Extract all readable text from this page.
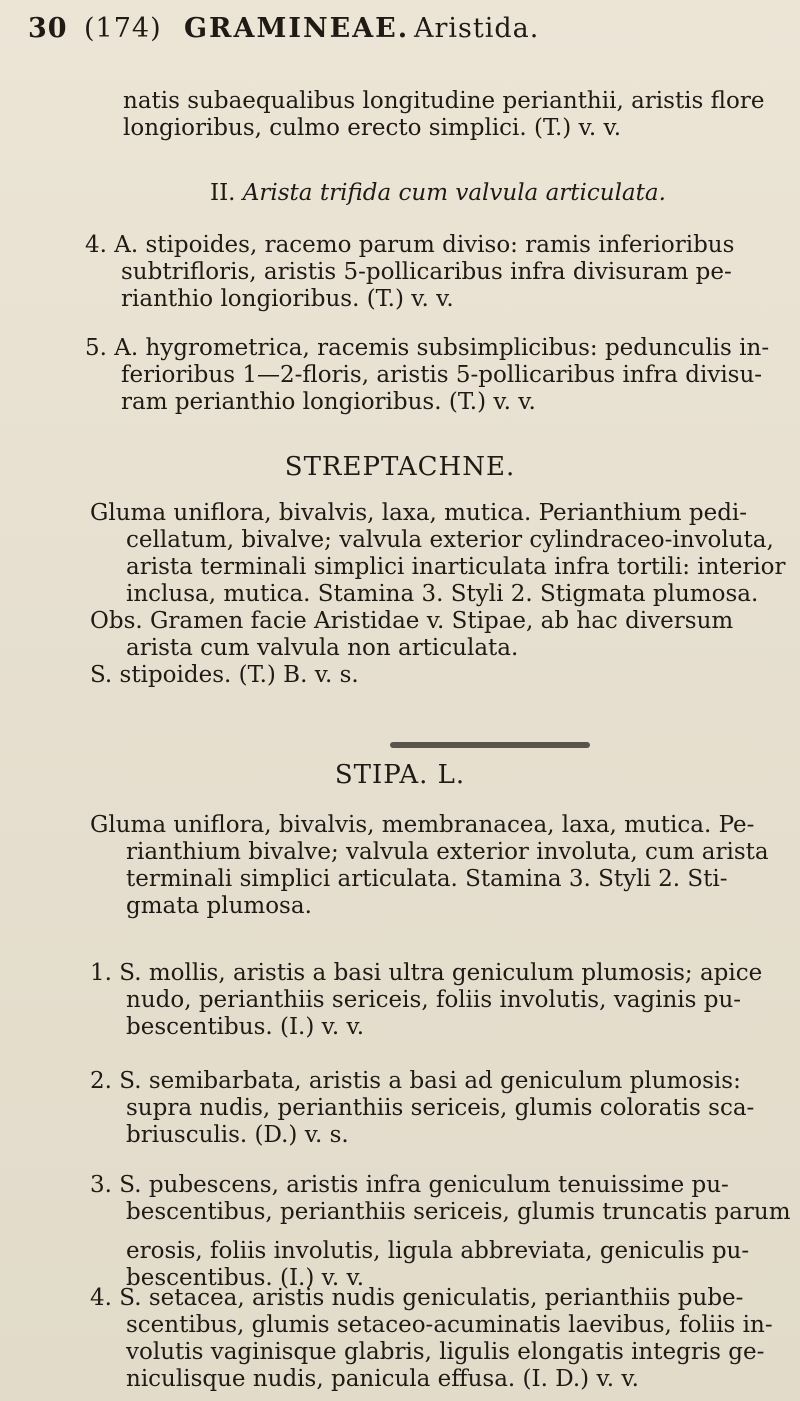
30 (174) GRAMINEAE. Aristida.
natis subaequalibus longitudine perianthii, aristis flore
longioribus, culmo erecto simplici. (T.) v. v.
II. Arista trifida cum valvula articulata.
4. A. stipoides, racemo parum diviso: ramis inferioribus
subtrifloris, aristis 5-pollicaribus infra divisuram pe-
rianthio longioribus. (T.) v. v.
5. A. hygrometrica, racemis subsimplicibus: pedunculis in-
ferioribus 1—2-floris, aristis 5-pollicaribus infra divisu-
ram perianthio longioribus. (T.) v. v.
STREPTACHNE.
Gluma uniflora, bivalvis, laxa, mutica. Perianthium pedi-
cellatum, bivalve; valvula exterior cylindraceo-involuta,
arista terminali simplici inarticulata infra tortili: interior
inclusa, mutica. Stamina 3. Styli 2. Stigmata plumosa.
Obs. Gramen facie Aristidae v. Stipae, ab hac diversum
arista cum valvula non articulata.
S. stipoides. (T.) B. v. s.
STIPA. L.
Gluma uniflora, bivalvis, membranacea, laxa, mutica. Pe-
rianthium bivalve; valvula exterior involuta, cum arista
terminali simplici articulata. Stamina 3. Styli 2. Sti-
gmata plumosa.
1. S. mollis, aristis a basi ultra geniculum plumosis; apice
nudo, perianthiis sericeis, foliis involutis, vaginis pu-
bescentibus. (I.) v. v.
2. S. semibarbata, aristis a basi ad geniculum plumosis:
supra nudis, perianthiis sericeis, glumis coloratis sca-
briusculis. (D.) v. s.
3. S. pubescens, aristis infra geniculum tenuissime pu-
bescentibus, perianthiis sericeis, glumis truncatis parum
erosis, foliis involutis, ligula abbreviata, geniculis pu-
bescentibus. (I.) v. v.
4. S. setacea, aristis nudis geniculatis, perianthiis pube-
scentibus, glumis setaceo-acuminatis laevibus, foliis in-
volutis vaginisque glabris, ligulis elongatis integris ge-
niculisque nudis, panicula effusa. (I. D.) v. v.
